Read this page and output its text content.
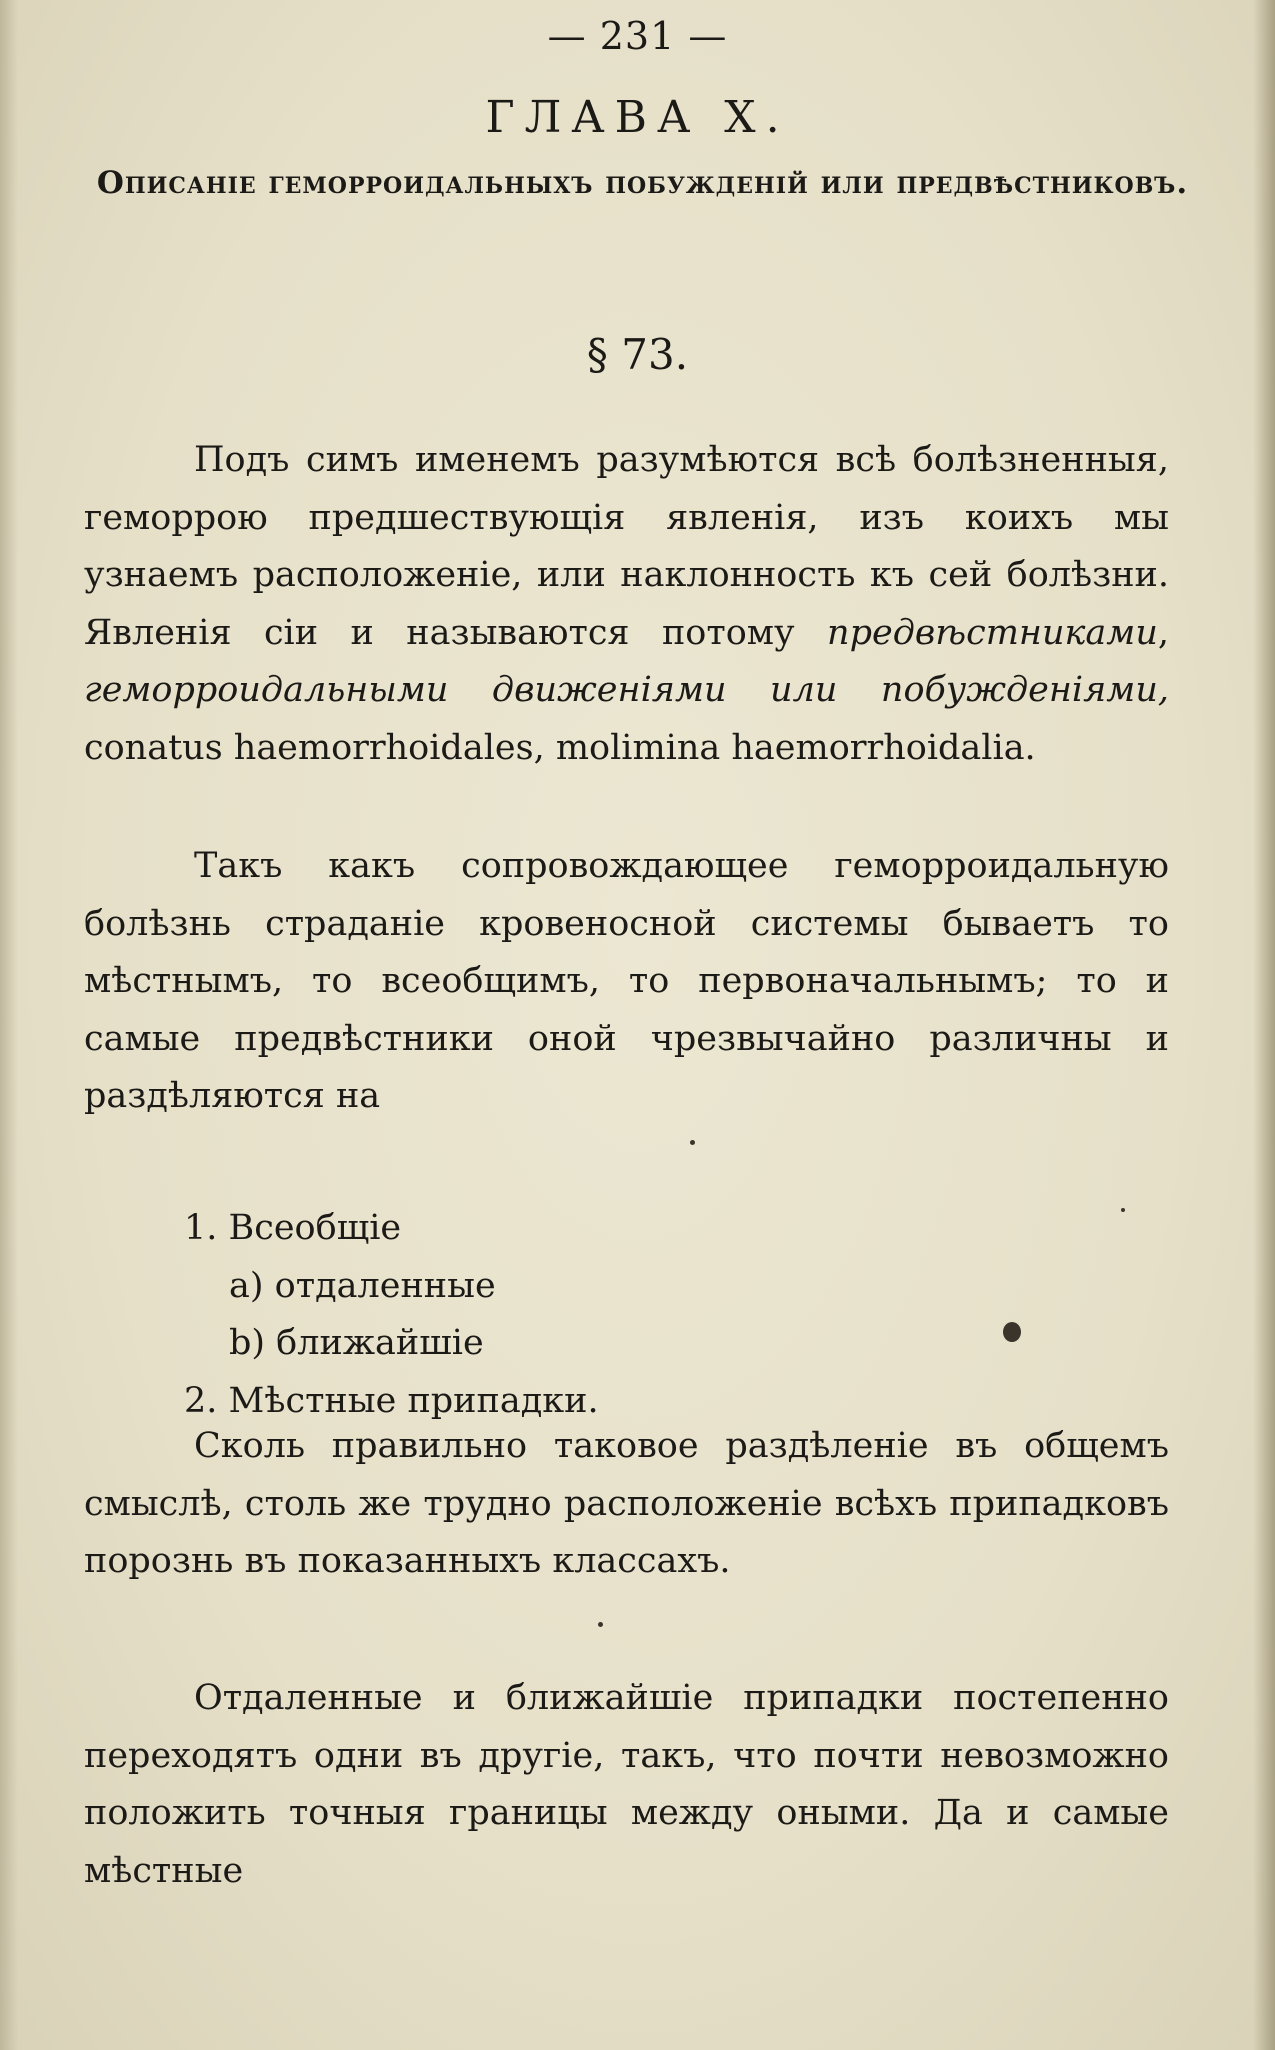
— 231 —
ГЛАВА X.
Описаніе геморроидальныхъ побужденій или предвѣстниковъ.
§ 73.

Подъ симъ именемъ разумѣются всѣ болѣзненныя, геморрою предшествующія явленія, изъ коихъ мы узнаемъ расположеніе, или наклонность къ сей болѣзни. Явленія сіи и называются потому предвѣстниками, геморроидальными движеніями или побужденіями, conatus haemorrhoidales, molimina haemorrhoidalia.

Такъ какъ сопровождающее геморроидальную болѣзнь страданіе кровеносной системы бываетъ то мѣстнымъ, то всеобщимъ, то первоначальнымъ; то и самые предвѣстники оной чрезвычайно различны и раздѣляются на

1. Всеобщіе
a) отдаленные
b) ближайшіе
2. Мѣстные припадки.

Сколь правильно таковое раздѣленіе въ общемъ смыслѣ, столь же трудно расположеніе всѣхъ припадковъ порознь въ показанныхъ классахъ.

Отдаленные и ближайшіе припадки постепенно переходятъ одни въ другіе, такъ, что почти невозможно положить точныя границы между оными. Да и самые мѣстные
